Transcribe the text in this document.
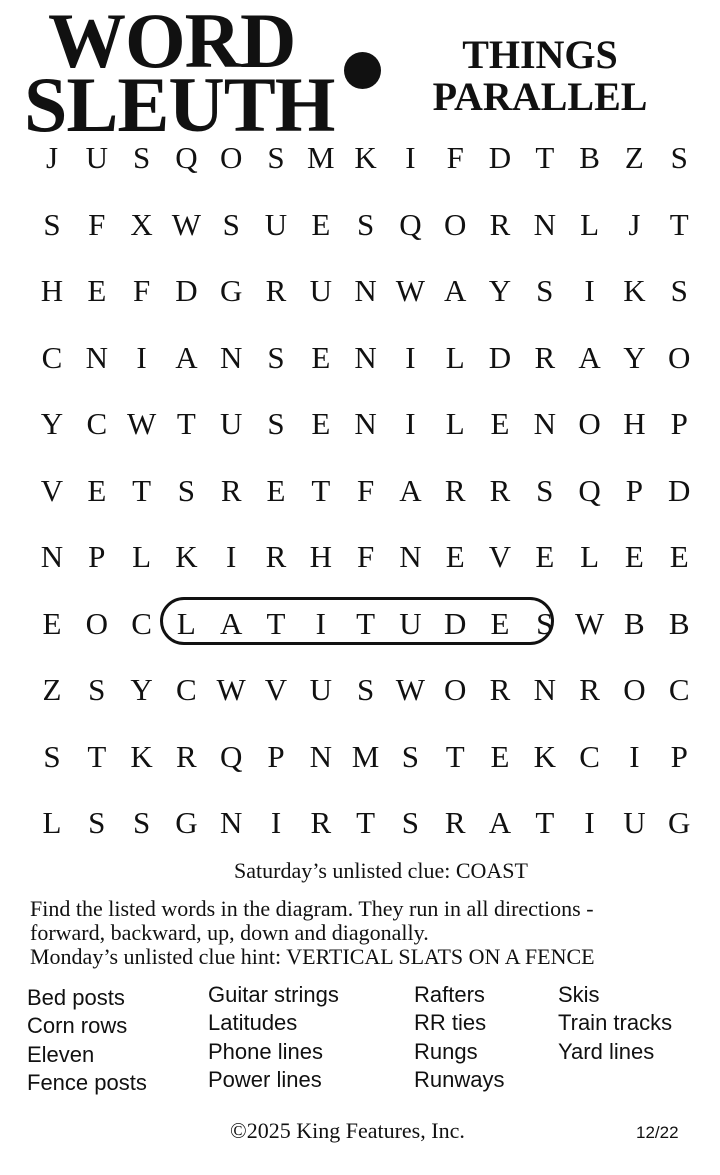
WORD
SLEUTH
THINGS
PARALLEL
J U S Q O S M K I	F D T B Z S
S F X W S U E S Q O R N L J T
H E F D G R U N W A Y S	I K S
C N I A N S E N I L D R A Y O
Y C W T U S E N I L E N O H P
V E T S R E T F A R R S Q P D
N P L K I R H F N E V E L E E
E O C L A T I T U D E S W B B
Z S Y C W V U S W O R N R O C
S T K R Q P N M S T E K C I	P
L S S G N I R T S R A T I U G
Saturday’s unlisted clue: COAST
Find the listed words in the diagram. They run in all directions -
forward, backward, up, down and diagonally.
Monday’s unlisted clue hint: VERTICAL SLATS ON A FENCE
Bed posts
Corn rows
Eleven
Fence posts
Guitar strings
Latitudes
Phone lines
Power lines
Rafters
RR ties
Rungs
Runways
Skis
Train tracks
Yard lines
©2025 King Features, Inc.	12/22
